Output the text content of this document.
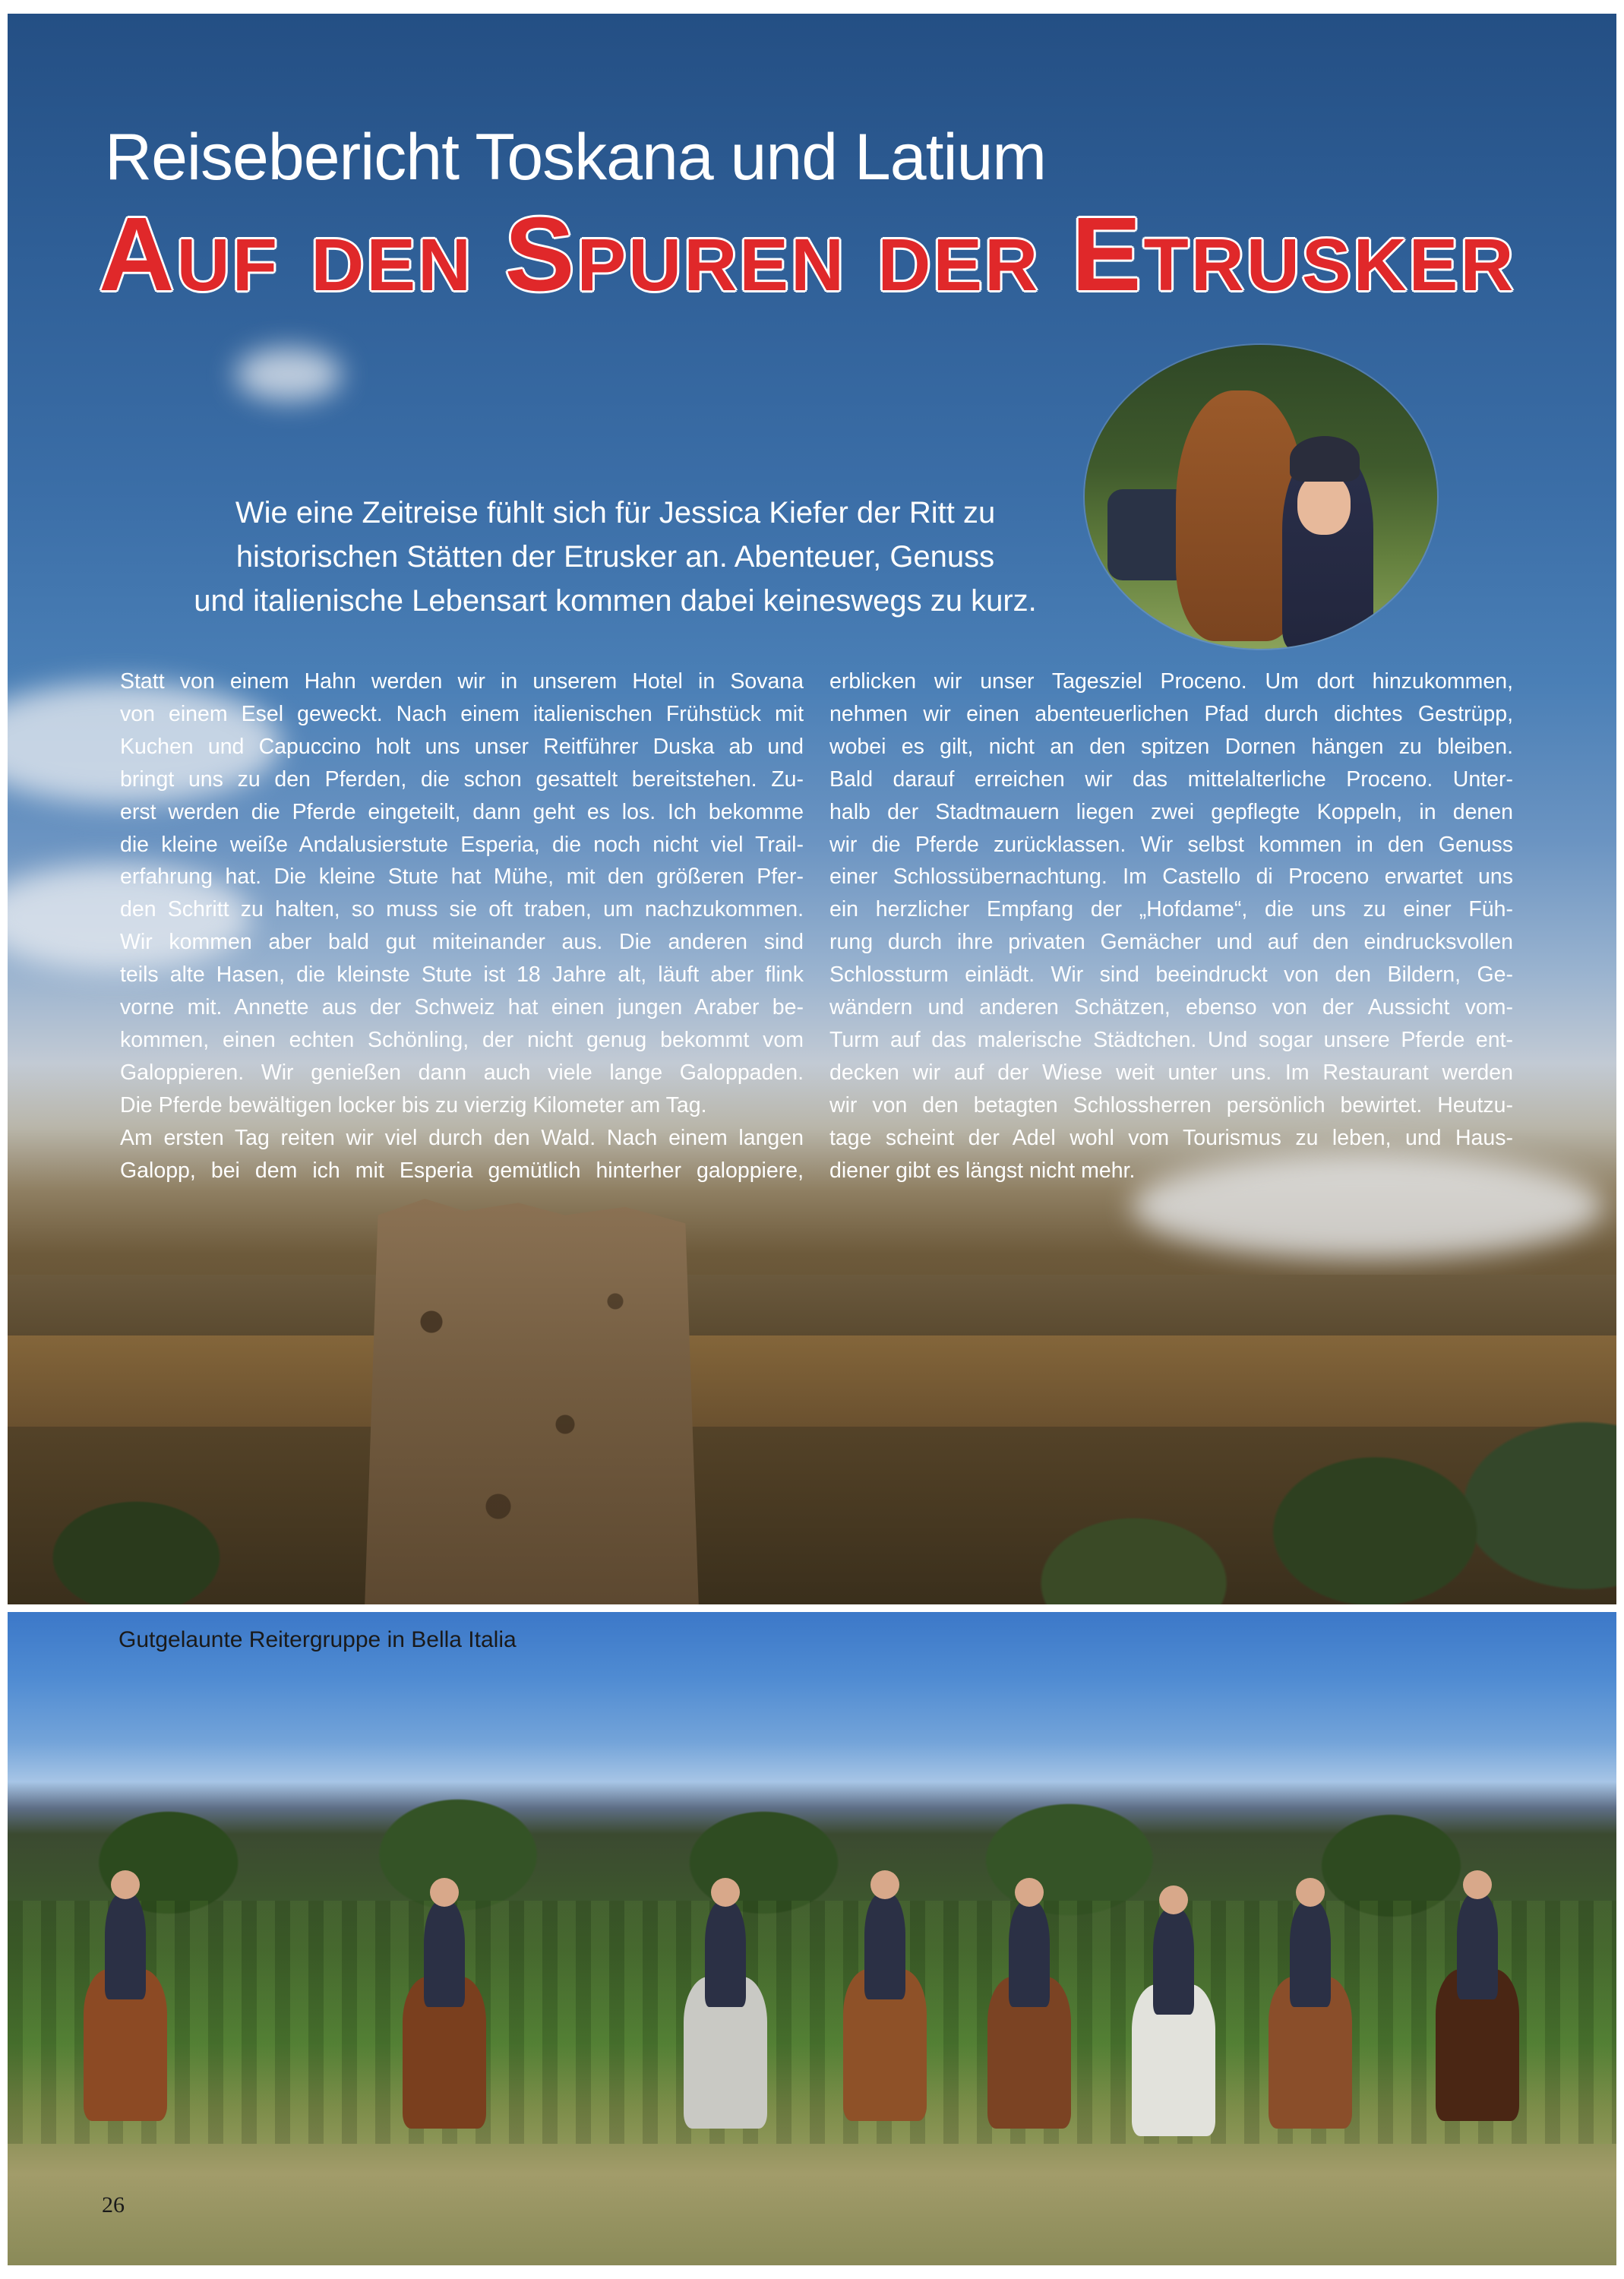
Reisebericht Toskana und Latium
Auf den Spuren der Etrusker
Wie eine Zeitreise fühlt sich für Jessica Kiefer der Ritt zu
historischen Stätten der Etrusker an. Abenteuer, Genuss
und italienische Lebensart kommen dabei keineswegs zu kurz.
Statt von einem Hahn werden wir in unserem Hotel in Sovana
von einem Esel geweckt. Nach einem italienischen Frühstück mit
Kuchen und Capuccino holt uns unser Reitführer Duska ab und
bringt uns zu den Pferden, die schon gesattelt bereitstehen. Zu-
erst werden die Pferde eingeteilt, dann geht es los. Ich bekomme
die kleine weiße Andalusierstute Esperia, die noch nicht viel Trail-
erfahrung hat. Die kleine Stute hat Mühe, mit den größeren Pfer-
den Schritt zu halten, so muss sie oft traben, um nachzukommen.
Wir kommen aber bald gut miteinander aus. Die anderen sind
teils alte Hasen, die kleinste Stute ist 18 Jahre alt, läuft aber flink
vorne mit. Annette aus der Schweiz hat einen jungen Araber be-
kommen, einen echten Schönling, der nicht genug bekommt vom
Galoppieren. Wir genießen dann auch viele lange Galoppaden.
Die Pferde bewältigen locker bis zu vierzig Kilometer am Tag.
Am ersten Tag reiten wir viel durch den Wald. Nach einem langen
Galopp, bei dem ich mit Esperia gemütlich hinterher galoppiere,
erblicken wir unser Tagesziel Proceno. Um dort hinzukommen,
nehmen wir einen abenteuerlichen Pfad durch dichtes Gestrüpp,
wobei es gilt, nicht an den spitzen Dornen hängen zu bleiben.
Bald darauf erreichen wir das mittelalterliche Proceno. Unter-
halb der Stadtmauern liegen zwei gepflegte Koppeln, in denen
wir die Pferde zurücklassen. Wir selbst kommen in den Genuss
einer Schlossübernachtung. Im Castello di Proceno erwartet uns
ein herzlicher Empfang der „Hofdame“, die uns zu einer Füh-
rung durch ihre privaten Gemächer und auf den eindrucksvollen
Schlossturm einlädt. Wir sind beeindruckt von den Bildern, Ge-
wändern und anderen Schätzen, ebenso von der Aussicht vom-
Turm auf das malerische Städtchen. Und sogar unsere Pferde ent-
decken wir auf der Wiese weit unter uns. Im Restaurant werden
wir von den betagten Schlossherren persönlich bewirtet. Heutzu-
tage scheint der Adel wohl vom Tourismus zu leben, und Haus-
diener gibt es längst nicht mehr.
Gutgelaunte Reitergruppe in Bella Italia
26
